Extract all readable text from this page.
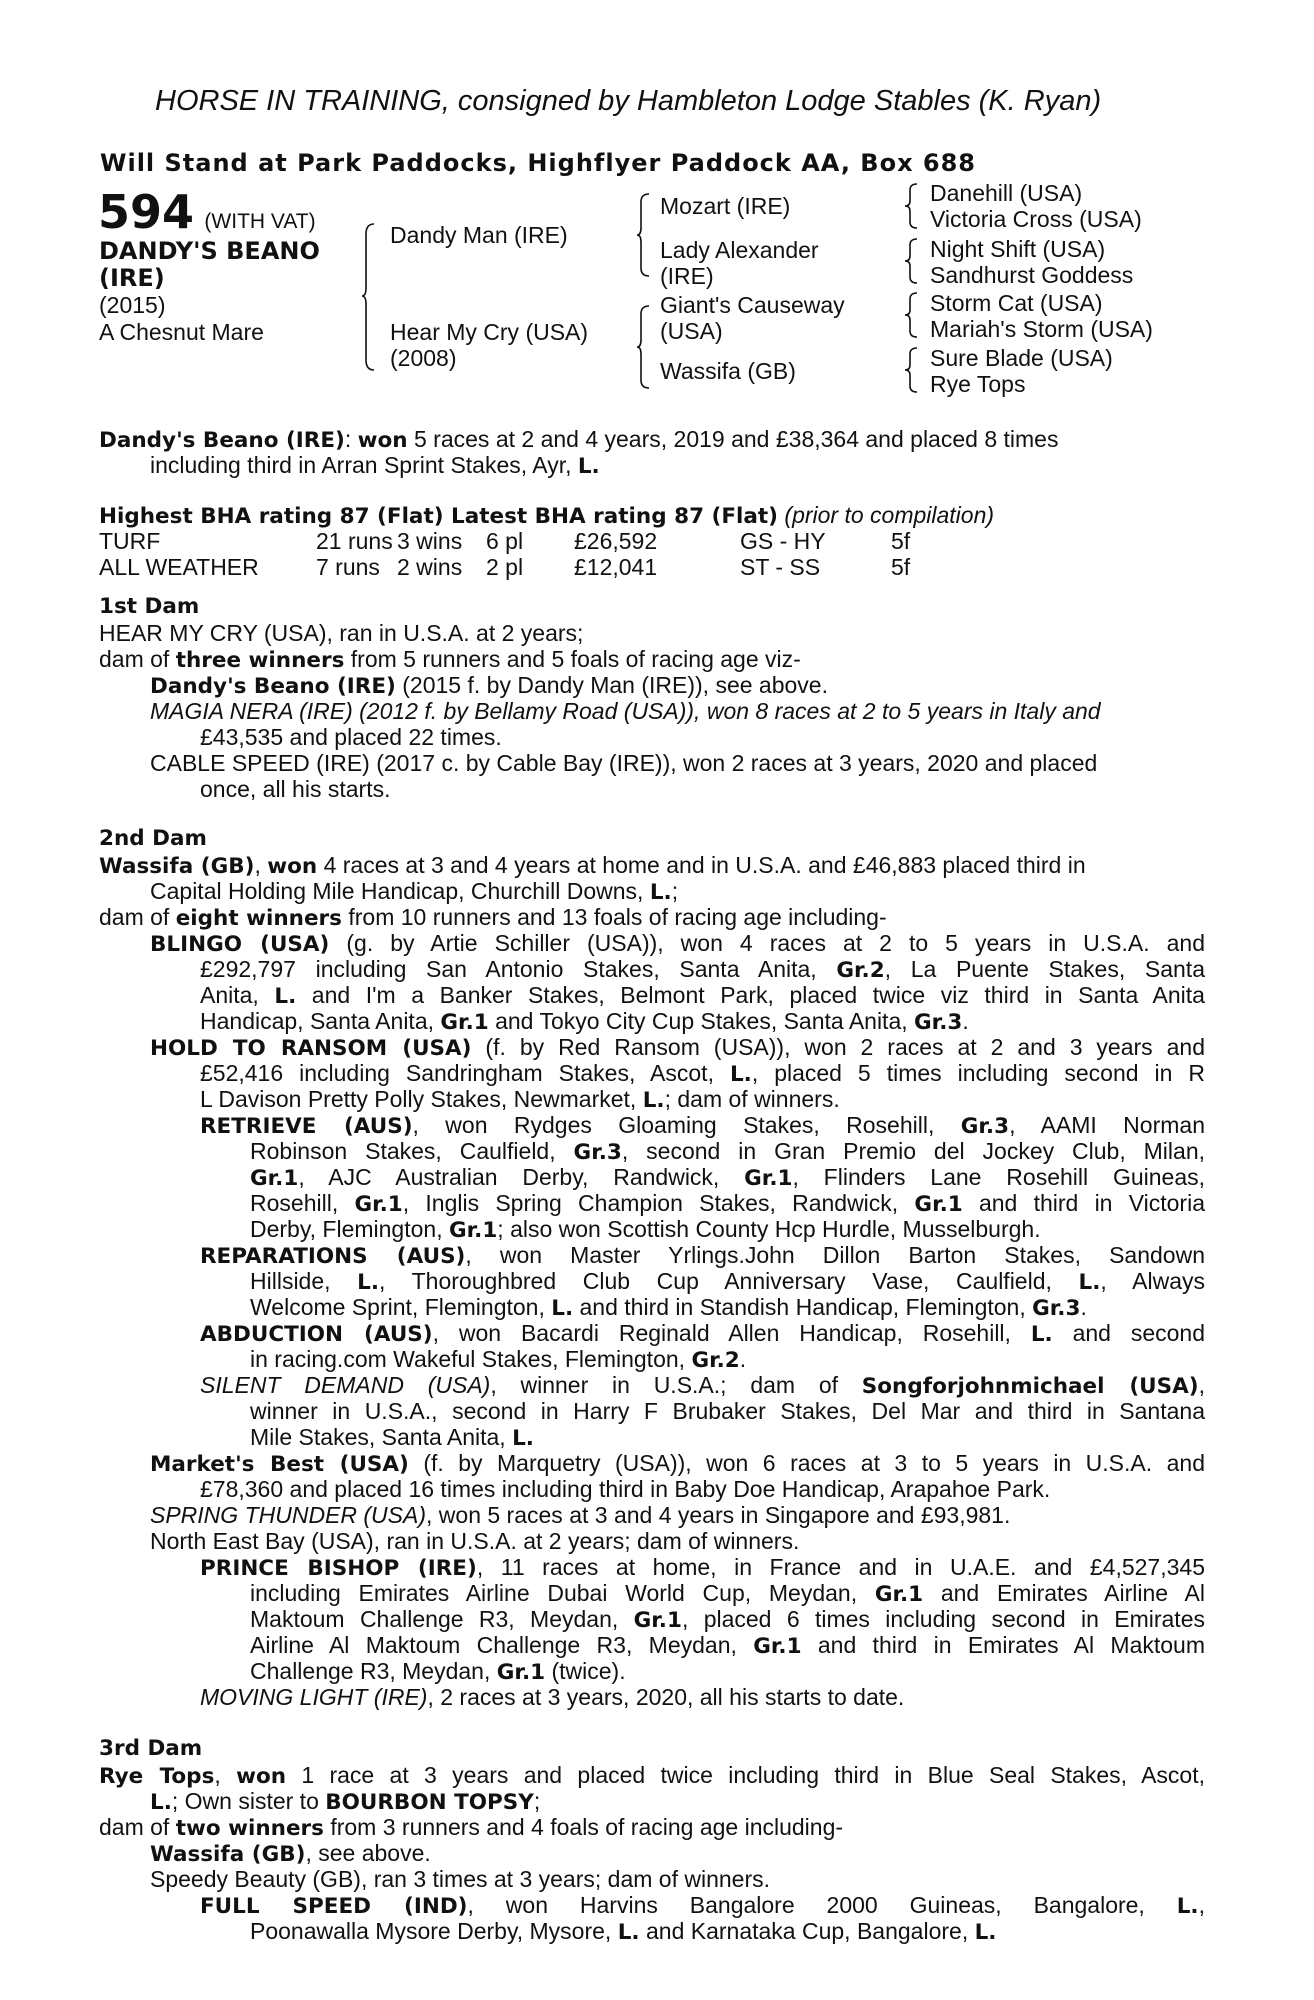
HORSE IN TRAINING, consigned by Hambleton Lodge Stables (K. Ryan)
Will Stand at Park Paddocks, Highflyer Paddock AA, Box 688
594 (WITH VAT)
DANDY'S BEANO
(IRE)
(2015)
A Chesnut Mare
Dandy Man (IRE)
Hear My Cry (USA)
(2008)
Mozart (IRE)
Lady Alexander
(IRE)
Giant's Causeway
(USA)
Wassifa (GB)
Danehill (USA)
Victoria Cross (USA)
Night Shift (USA)
Sandhurst Goddess
Storm Cat (USA)
Mariah's Storm (USA)
Sure Blade (USA)
Rye Tops
Dandy's Beano (IRE): won 5 races at 2 and 4 years, 2019 and £38,364 and placed 8 times
including third in Arran Sprint Stakes, Ayr, L.
Highest BHA rating 87 (Flat) Latest BHA rating 87 (Flat) (prior to compilation)
TURF	21 runs 3 wins 6 pl £26,592	GS - HY	5f
ALL WEATHER 7 runs 2 wins 2 pl £12,041	ST - SS	5f
1st Dam
HEAR MY CRY (USA), ran in U.S.A. at 2 years;
dam of three winners from 5 runners and 5 foals of racing age viz-
Dandy's Beano (IRE) (2015 f. by Dandy Man (IRE)), see above.
MAGIA NERA (IRE) (2012 f. by Bellamy Road (USA)), won 8 races at 2 to 5 years in Italy and
£43,535 and placed 22 times.
CABLE SPEED (IRE) (2017 c. by Cable Bay (IRE)), won 2 races at 3 years, 2020 and placed
once, all his starts.
2nd Dam
Wassifa (GB), won 4 races at 3 and 4 years at home and in U.S.A. and £46,883 placed third in
Capital Holding Mile Handicap, Churchill Downs, L.;
dam of eight winners from 10 runners and 13 foals of racing age including-
BLINGO (USA) (g. by Artie Schiller (USA)), won 4 races at 2 to 5 years in U.S.A. and
£292,797 including San Antonio Stakes, Santa Anita, Gr.2, La Puente Stakes, Santa
Anita, L. and I'm a Banker Stakes, Belmont Park, placed twice viz third in Santa Anita
Handicap, Santa Anita, Gr.1 and Tokyo City Cup Stakes, Santa Anita, Gr.3.
HOLD TO RANSOM (USA) (f. by Red Ransom (USA)), won 2 races at 2 and 3 years and
£52,416 including Sandringham Stakes, Ascot, L., placed 5 times including second in R
L Davison Pretty Polly Stakes, Newmarket, L.; dam of winners.
RETRIEVE (AUS), won Rydges Gloaming Stakes, Rosehill, Gr.3, AAMI Norman
Robinson Stakes, Caulfield, Gr.3, second in Gran Premio del Jockey Club, Milan,
Gr.1, AJC Australian Derby, Randwick, Gr.1, Flinders Lane Rosehill Guineas,
Rosehill, Gr.1, Inglis Spring Champion Stakes, Randwick, Gr.1 and third in Victoria
Derby, Flemington, Gr.1; also won Scottish County Hcp Hurdle, Musselburgh.
REPARATIONS (AUS), won Master Yrlings.John Dillon Barton Stakes, Sandown
Hillside, L., Thoroughbred Club Cup Anniversary Vase, Caulfield, L., Always
Welcome Sprint, Flemington, L. and third in Standish Handicap, Flemington, Gr.3.
ABDUCTION (AUS), won Bacardi Reginald Allen Handicap, Rosehill, L. and second
in racing.com Wakeful Stakes, Flemington, Gr.2.
SILENT DEMAND (USA), winner in U.S.A.; dam of Songforjohnmichael (USA),
winner in U.S.A., second in Harry F Brubaker Stakes, Del Mar and third in Santana
Mile Stakes, Santa Anita, L.
Market's Best (USA) (f. by Marquetry (USA)), won 6 races at 3 to 5 years in U.S.A. and
£78,360 and placed 16 times including third in Baby Doe Handicap, Arapahoe Park.
SPRING THUNDER (USA), won 5 races at 3 and 4 years in Singapore and £93,981.
North East Bay (USA), ran in U.S.A. at 2 years; dam of winners.
PRINCE BISHOP (IRE), 11 races at home, in France and in U.A.E. and £4,527,345
including Emirates Airline Dubai World Cup, Meydan, Gr.1 and Emirates Airline Al
Maktoum Challenge R3, Meydan, Gr.1, placed 6 times including second in Emirates
Airline Al Maktoum Challenge R3, Meydan, Gr.1 and third in Emirates Al Maktoum
Challenge R3, Meydan, Gr.1 (twice).
MOVING LIGHT (IRE), 2 races at 3 years, 2020, all his starts to date.
3rd Dam
Rye Tops, won 1 race at 3 years and placed twice including third in Blue Seal Stakes, Ascot,
L.; Own sister to BOURBON TOPSY;
dam of two winners from 3 runners and 4 foals of racing age including-
Wassifa (GB), see above.
Speedy Beauty (GB), ran 3 times at 3 years; dam of winners.
FULL SPEED (IND), won Harvins Bangalore 2000 Guineas, Bangalore, L.,
Poonawalla Mysore Derby, Mysore, L. and Karnataka Cup, Bangalore, L.
